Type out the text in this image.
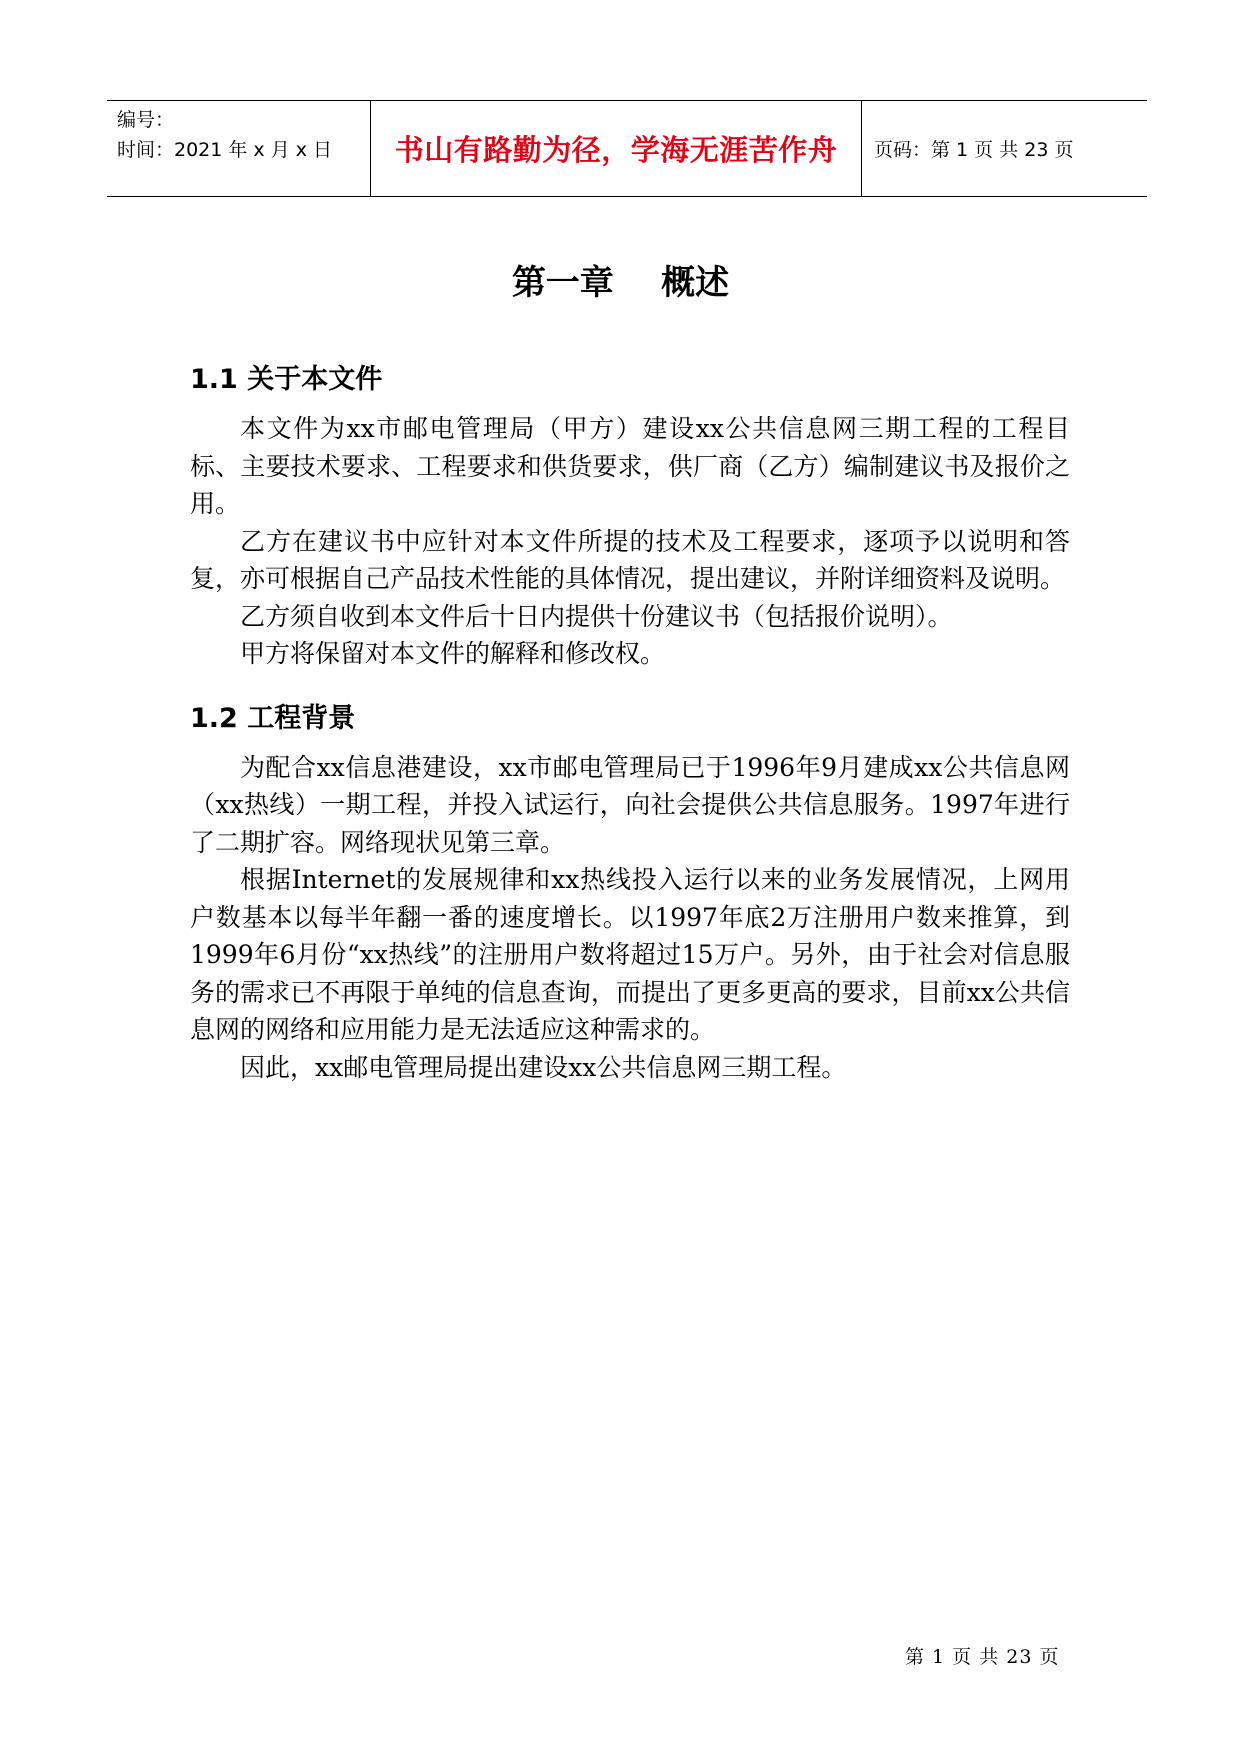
编号：
时间：2021 年 x 月 x 日	书山有路勤为径，学海无涯苦作舟	页码：第 1 页 共 23 页
第一章    概述
1.1 关于本文件

本文件为xx市邮电管理局（甲方）建设xx公共信息网三期工程的工程目标、主要技术要求、工程要求和供货要求，供厂商（乙方）编制建议书及报价之用。

乙方在建议书中应针对本文件所提的技术及工程要求，逐项予以说明和答复，亦可根据自己产品技术性能的具体情况，提出建议，并附详细资料及说明。

乙方须自收到本文件后十日内提供十份建议书（包括报价说明）。

甲方将保留对本文件的解释和修改权。

1.2 工程背景

为配合xx信息港建设，xx市邮电管理局已于1996年9月建成xx公共信息网（xx热线）一期工程，并投入试运行，向社会提供公共信息服务。1997年进行了二期扩容。网络现状见第三章。

根据Internet的发展规律和xx热线投入运行以来的业务发展情况，上网用户数基本以每半年翻一番的速度增长。以1997年底2万注册用户数来推算，到1999年6月份“xx热线”的注册用户数将超过15万户。另外，由于社会对信息服务的需求已不再限于单纯的信息查询，而提出了更多更高的要求，目前xx公共信息网的网络和应用能力是无法适应这种需求的。

因此，xx邮电管理局提出建设xx公共信息网三期工程。

第 1 页 共 23 页
